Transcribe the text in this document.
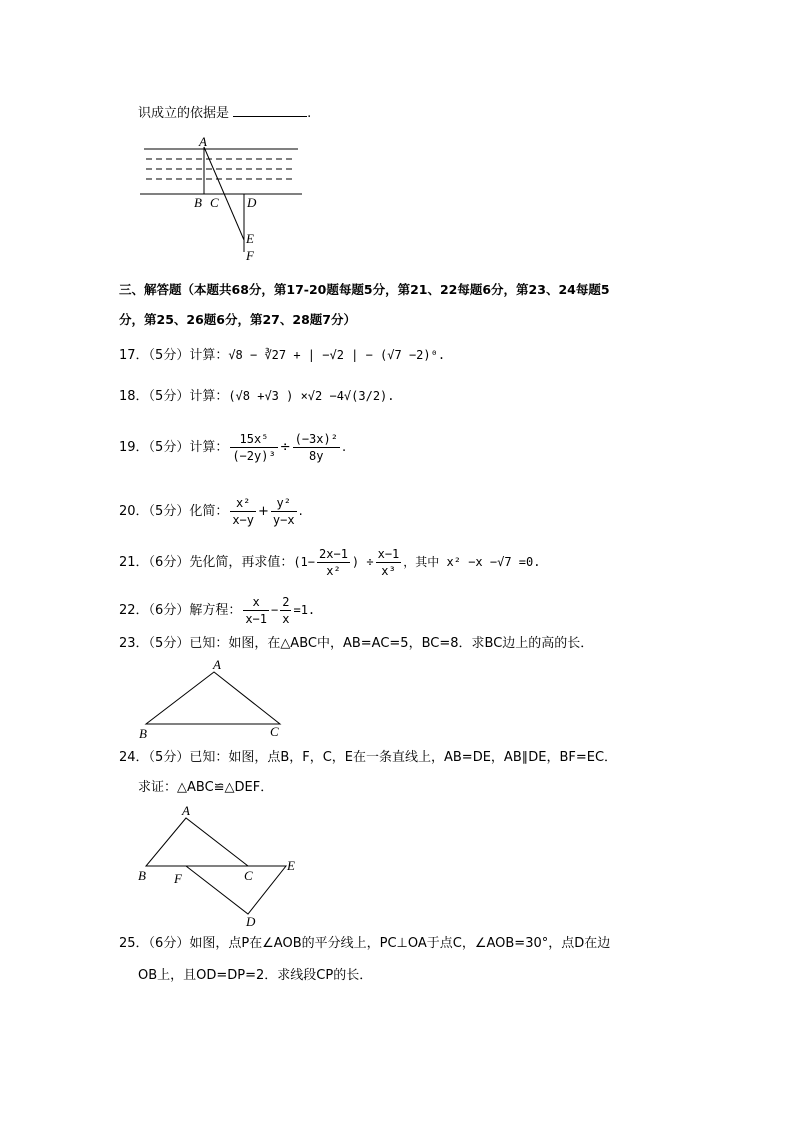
识成立的依据是	.
A
B C D
E
F
三、解答题（本题共68分，第17-20题每题5分，第21、22每题6分，第23、24每题5
分，第25、26题6分，第27、28题7分）
17．（5分）计算：√8 − ∛27 + | −√2 | − (√7 −2)⁰.
18．（5分）计算：(√8 +√3 ) ×√2 −4√(3/2).
19．（5分）计算： $\frac{\text{15x⁵}}{\text{(−2y)³}} \div \frac{\text{(−3x)²}}{8y}$ .
20．（5分）化简： $\frac{\text{x²}}{x-y} + \frac{\text{y²}}{y-x}$ .
21．（6分）先化简，再求值：($1- \frac{2x-1}{\text{x²}}$ ) ÷ $\frac{x-1}{\text{x³}}$ ，其中 x² −x −√7 =0.
22．（6分）解方程： $\frac{x}{x-1} - \frac{2}{x} =1$.
23．（5分）已知：如图，在△ABC中，AB=AC=5，BC=8．求BC边上的高的长．
A
B	C
24．（5分）已知：如图，点B，F，C，E在一条直线上，AB=DE，AB∥DE，BF=EC．
求证：△ABC≌△DEF．
A
B F	C
E
D
25．（6分）如图，点P在∠AOB的平分线上，PC⊥OA于点C，∠AOB=30°，点D在边
OB上，且OD=DP=2．求线段CP的长．
